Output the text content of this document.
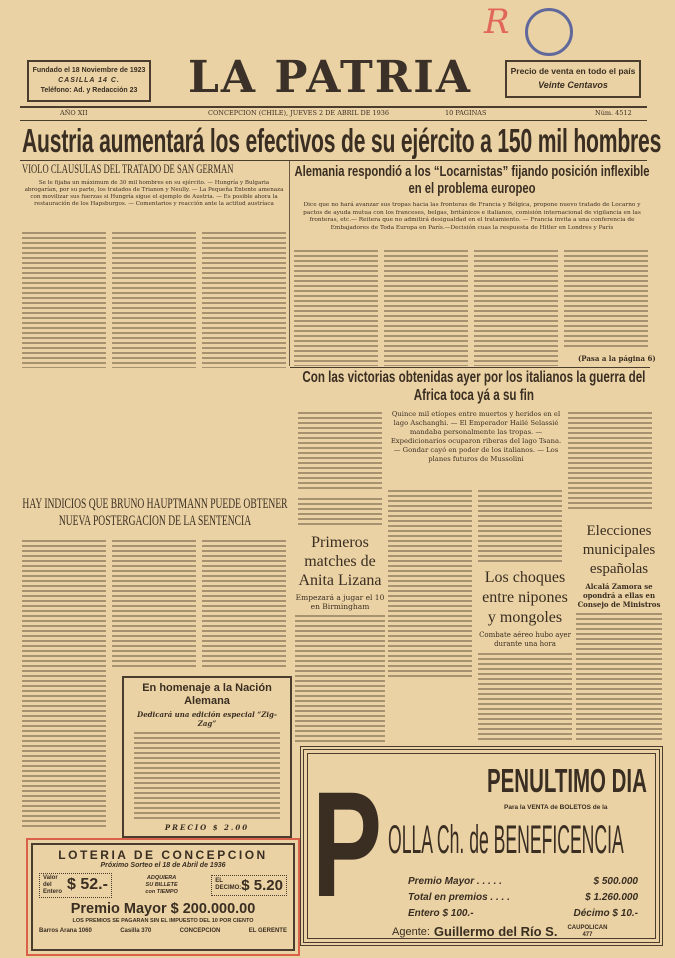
Fundado el 18 Noviembre de 1923
CASILLA 14 C.
Teléfono: Ad. y Redacción 23 LA PATRIA
R
Precio de venta en todo el país
Veinte Centavos
AÑO XII	CONCEPCION (CHILE), JUEVES 2 DE ABRIL DE 1936	10 PAGINAS	Núm. 4512
Austria aumentará los efectivos de su ejército a 150 mil hombres
VIOLO CLAUSULAS DEL TRATADO DE SAN GERMAN
Se le fijaba un máximum de 30 mil hombres en su ejército. — Hungría y Bulgaria abrogarían, por su parte, los tratados de Trianon y Neully. — La Pequeña Entente amenaza con movilizar sus fuerzas si Hungría sigue el ejemplo de Austria. — Es posible ahora la restauración de los Hapsburgos. — Comentarios y reacción ante la actitud austríaca
Alemania respondió a los “Locarnistas” fijando posición inflexible en el problema europeo
Dice que no hará avanzar sus tropas hacia las fronteras de Francia y Bélgica, propone nuevo tratado de Locarno y pactos de ayuda mutua con los franceses, belgas, británicos e italianos, comisión internacional de vigilancia en las fronteras, etc.— Reitera que no admitirá desigualdad en el tratamiento. — Francia invita a una conferencia de Embajadores de Toda Europa en París.—Decisión cuas la respuesta de Hitler en Londres y París
(Pasa a la página 6)
Con las victorias obtenidas ayer por los italianos la guerra del Africa toca yá a su fin
Quince mil etíopes entre muertos y heridos en el lago Aschanghi. — El Emperador Hailé Selassié mandaba personalmente las tropas. — Expedicionarios ocuparon riberas del lago Tsana. — Gondar cayó en poder de los italianos. — Los planes futuros de Mussolini
HAY INDICIOS QUE BRUNO HAUPTMANN PUEDE OBTENER NUEVA POSTERGACION DE LA SENTENCIA
Primeros matches de Anita Lizana
Empezará a jugar el 10 en Birmingham
Los choques entre nipones y mongoles
Combate aéreo hubo ayer durante una hora
Elecciones municipales españolas
Alcalá Zamora se opondrá a ellas en Consejo de Ministros
En homenaje a la Nación Alemana
Dedicará una edición especial “Zig-Zag”
PRECIO $ 2.00
LOTERIA DE CONCEPCION
Próximo Sorteo el 18 de Abril de 1936
Valor del Entero $ 52.-	ADQUIERA
SU BILLETE
con TIEMPO
EL DECIMO: $ 5.20
Premio Mayor $ 200.000.00
LOS PREMIOS SE PAGARAN SIN EL IMPUESTO DEL 10 POR CIENTO
Barros Arana 1060	Casilla 370	CONCEPCION	EL GERENTE
P	PENULTIMO DIA
Para la VENTA de BOLETOS de la
OLLA Ch. de BENEFICENCIA
Premio Mayor . . . . .	$ 500.000
Total en premios . . . .	$ 1.260.000
Entero $ 100.-	Décimo $ 10.-
Agente: Guillermo del Río S. CAUPOLICAN
477
